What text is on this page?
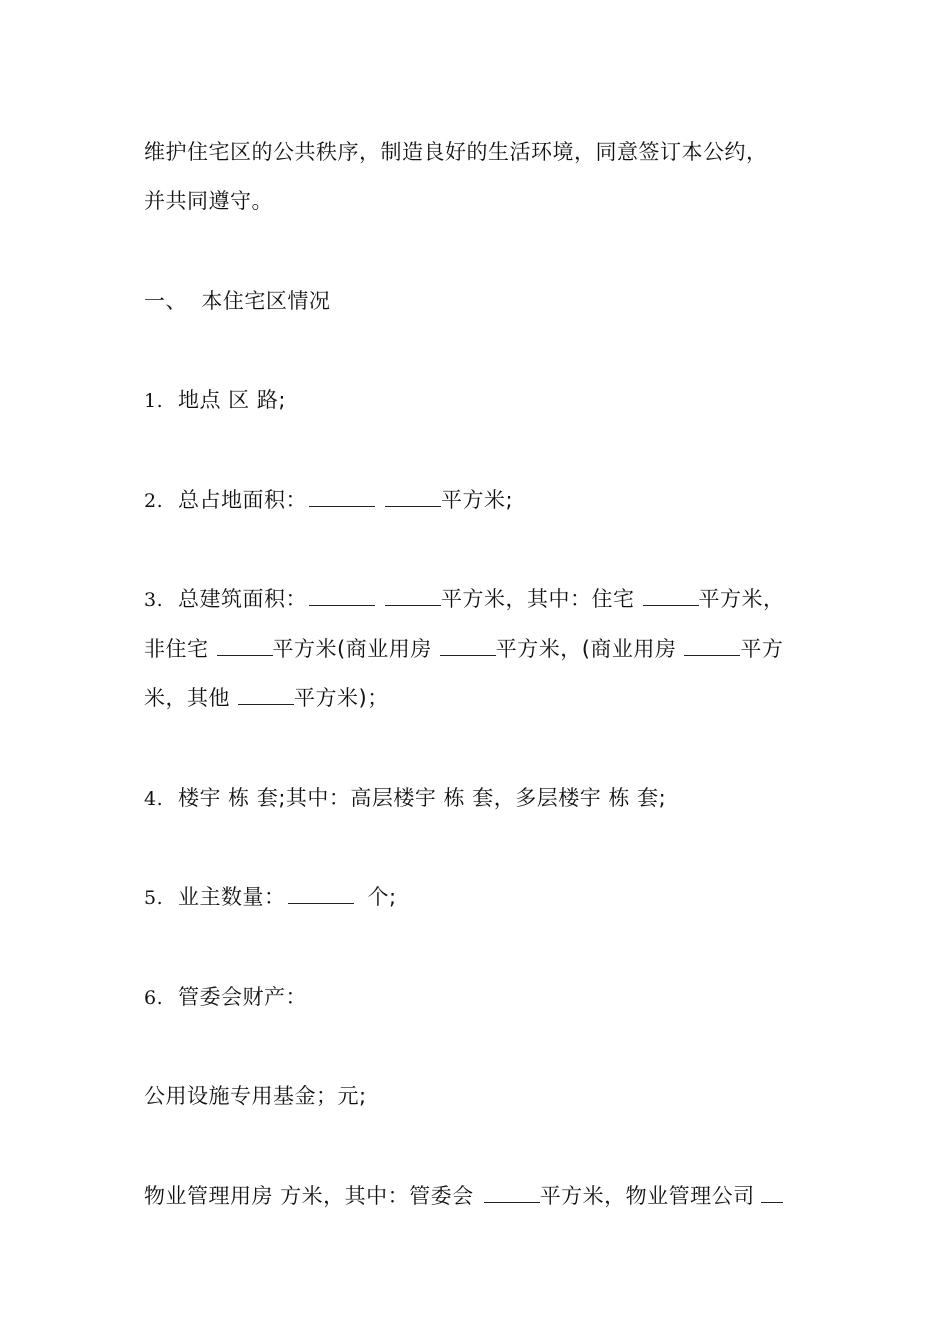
维护住宅区的公共秩序，制造良好的生活环境，同意签订本公约，
并共同遵守。
一、  本住宅区情况
1. 地点 区 路;
2. 总占地面积：	平方米;
3. 总建筑面积：	平方米，其中：住宅	平方米，
非住宅	平方米(商业用房	平方米，(商业用房	平方
米，其他	平方米)；
4. 楼宇 栋 套;其中：高层楼宇 栋 套，多层楼宇 栋 套;
5. 业主数量：	个;
6. 管委会财产：
公用设施专用基金；元;
物业管理用房 方米，其中：管委会	平方米，物业管理公司
